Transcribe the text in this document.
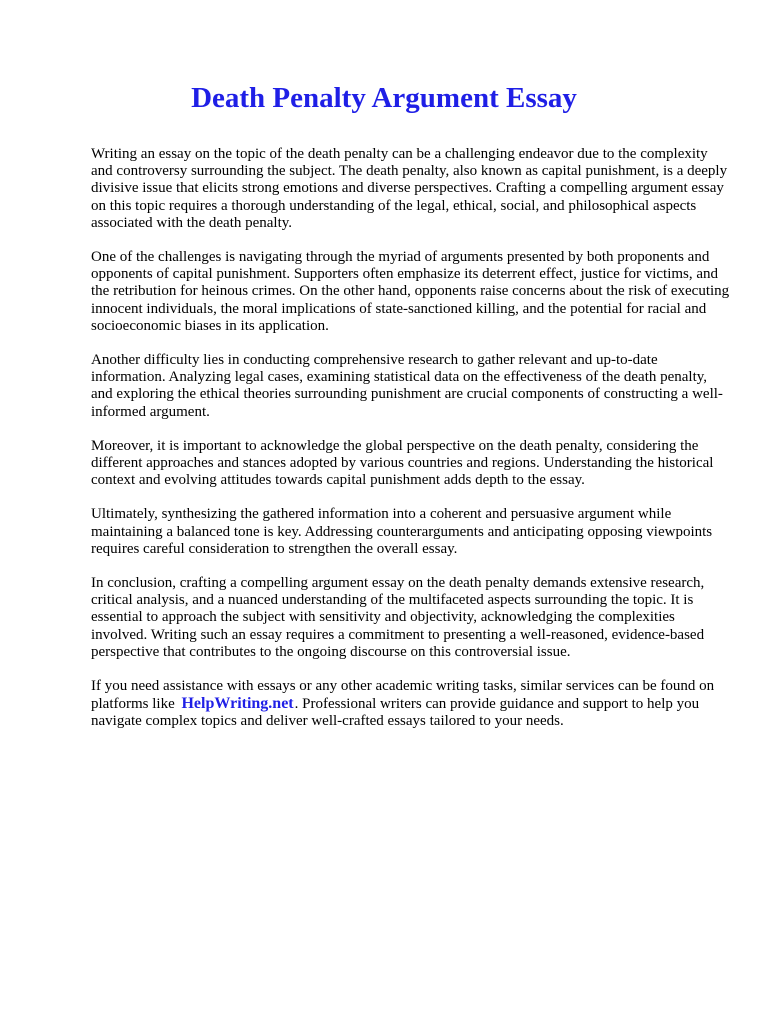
Death Penalty Argument Essay

Writing an essay on the topic of the death penalty can be a challenging endeavor due to the complexity and controversy surrounding the subject. The death penalty, also known as capital punishment, is a deeply divisive issue that elicits strong emotions and diverse perspectives. Crafting a compelling argument essay on this topic requires a thorough understanding of the legal, ethical, social, and philosophical aspects associated with the death penalty.

One of the challenges is navigating through the myriad of arguments presented by both proponents and opponents of capital punishment. Supporters often emphasize its deterrent effect, justice for victims, and the retribution for heinous crimes. On the other hand, opponents raise concerns about the risk of executing innocent individuals, the moral implications of state-sanctioned killing, and the potential for racial and socioeconomic biases in its application.

Another difficulty lies in conducting comprehensive research to gather relevant and up-to-date information. Analyzing legal cases, examining statistical data on the effectiveness of the death penalty, and exploring the ethical theories surrounding punishment are crucial components of constructing a well-informed argument.

Moreover, it is important to acknowledge the global perspective on the death penalty, considering the different approaches and stances adopted by various countries and regions. Understanding the historical context and evolving attitudes towards capital punishment adds depth to the essay.

Ultimately, synthesizing the gathered information into a coherent and persuasive argument while maintaining a balanced tone is key. Addressing counterarguments and anticipating opposing viewpoints requires careful consideration to strengthen the overall essay.

In conclusion, crafting a compelling argument essay on the death penalty demands extensive research, critical analysis, and a nuanced understanding of the multifaceted aspects surrounding the topic. It is essential to approach the subject with sensitivity and objectivity, acknowledging the complexities involved. Writing such an essay requires a commitment to presenting a well-reasoned, evidence-based perspective that contributes to the ongoing discourse on this controversial issue.

If you need assistance with essays or any other academic writing tasks, similar services can be found on platforms like HelpWriting.net. Professional writers can provide guidance and support to help you navigate complex topics and deliver well-crafted essays tailored to your needs.
